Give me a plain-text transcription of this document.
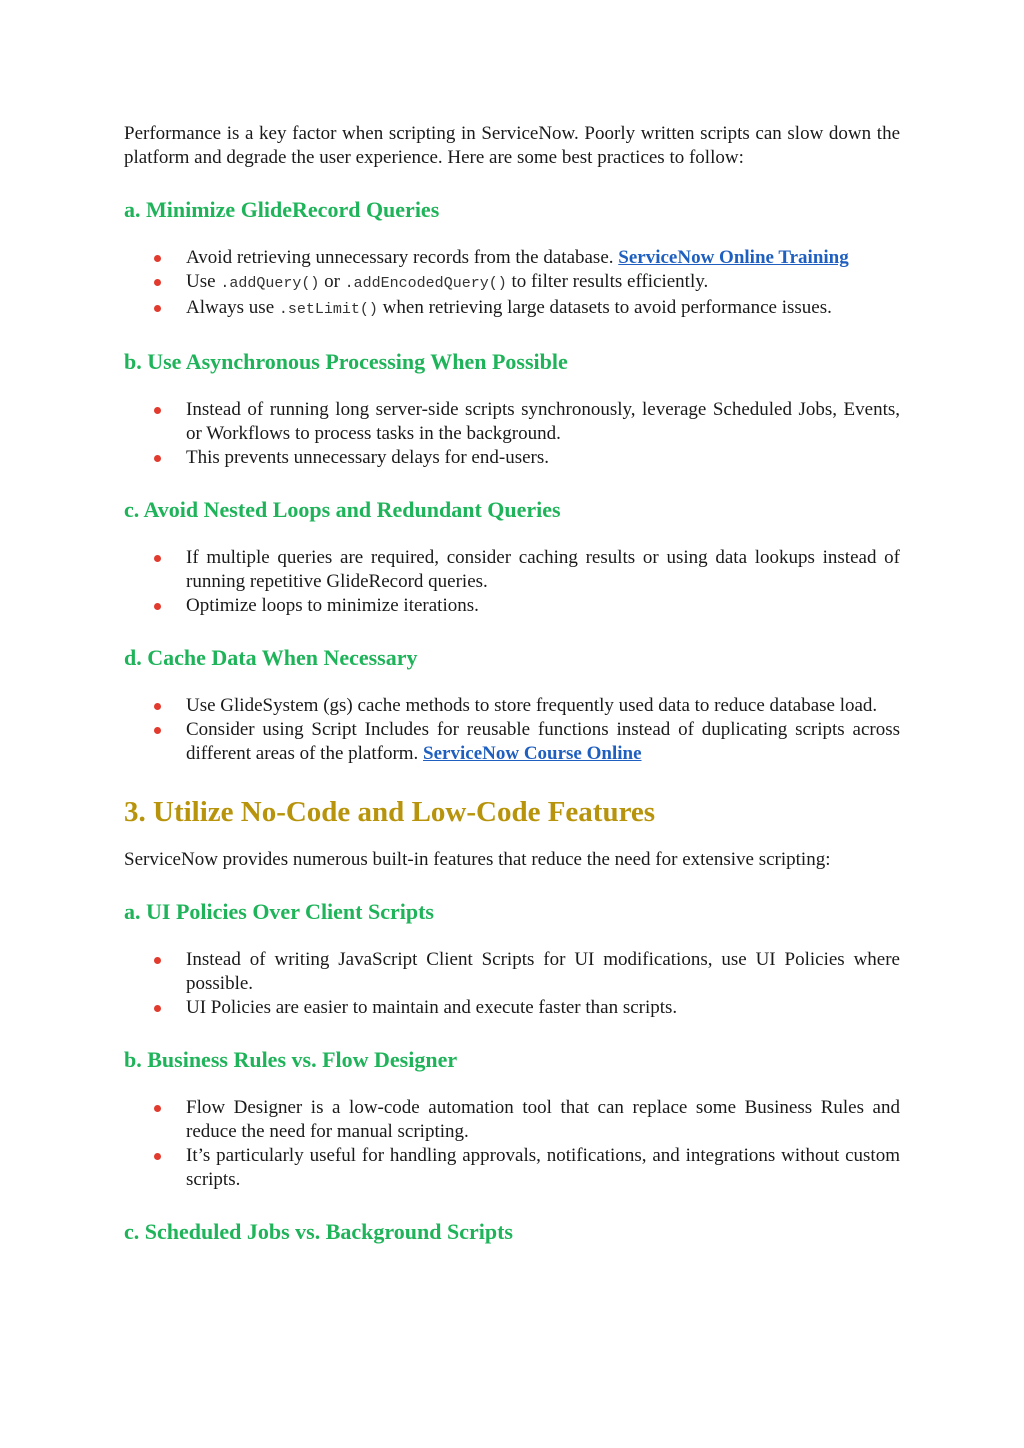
Performance is a key factor when scripting in ServiceNow. Poorly written scripts can slow down the platform and degrade the user experience. Here are some best practices to follow:

a. Minimize GlideRecord Queries
Avoid retrieving unnecessary records from the database. ServiceNow Online Training
Use .addQuery() or .addEncodedQuery() to filter results efficiently.
Always use .setLimit() when retrieving large datasets to avoid performance issues.
b. Use Asynchronous Processing When Possible
Instead of running long server-side scripts synchronously, leverage Scheduled Jobs, Events, or Workflows to process tasks in the background.
This prevents unnecessary delays for end-users.
c. Avoid Nested Loops and Redundant Queries
If multiple queries are required, consider caching results or using data lookups instead of running repetitive GlideRecord queries.
Optimize loops to minimize iterations.
d. Cache Data When Necessary
Use GlideSystem (gs) cache methods to store frequently used data to reduce database load.
Consider using Script Includes for reusable functions instead of duplicating scripts across different areas of the platform. ServiceNow Course Online
3. Utilize No-Code and Low-Code Features

ServiceNow provides numerous built-in features that reduce the need for extensive scripting:

a. UI Policies Over Client Scripts
Instead of writing JavaScript Client Scripts for UI modifications, use UI Policies where possible.
UI Policies are easier to maintain and execute faster than scripts.
b. Business Rules vs. Flow Designer
Flow Designer is a low-code automation tool that can replace some Business Rules and reduce the need for manual scripting.
It’s particularly useful for handling approvals, notifications, and integrations without custom scripts.
c. Scheduled Jobs vs. Background Scripts
